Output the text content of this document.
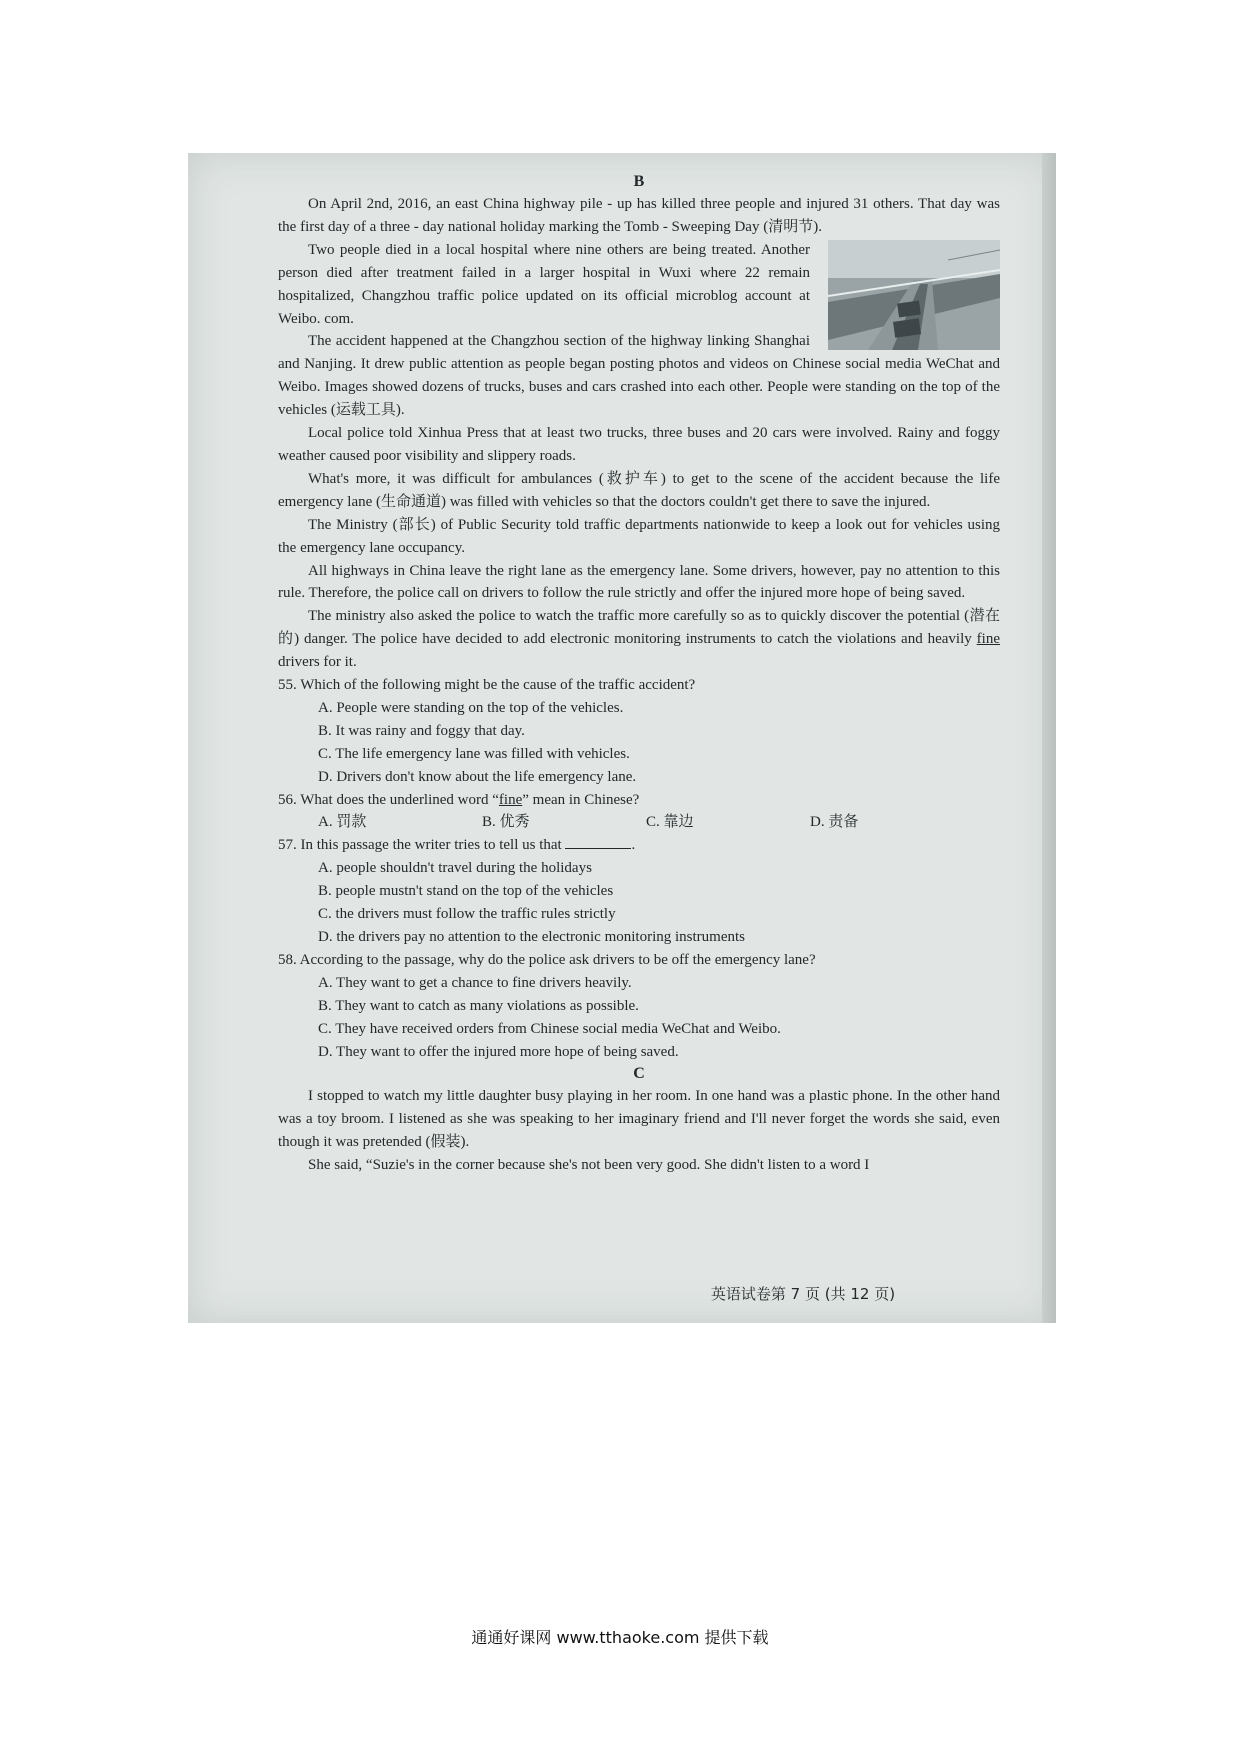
B

On April 2nd, 2016, an east China highway pile - up has killed three people and injured 31 others. That day was the first day of a three - day national holiday marking the Tomb - Sweeping Day (清明节).

Two people died in a local hospital where nine others are being treated. Another person died after treatment failed in a larger hospital in Wuxi where 22 remain hospitalized, Changzhou traffic police updated on its official microblog account at Weibo. com.

The accident happened at the Changzhou section of the highway linking Shanghai and Nanjing. It drew public attention as people began posting photos and videos on Chinese social media WeChat and Weibo. Images showed dozens of trucks, buses and cars crashed into each other. People were standing on the top of the vehicles (运载工具).

Local police told Xinhua Press that at least two trucks, three buses and 20 cars were involved. Rainy and foggy weather caused poor visibility and slippery roads.

What's more, it was difficult for ambulances (救护车) to get to the scene of the accident because the life emergency lane (生命通道) was filled with vehicles so that the doctors couldn't get there to save the injured.

The Ministry (部长) of Public Security told traffic departments nationwide to keep a look out for vehicles using the emergency lane occupancy.

All highways in China leave the right lane as the emergency lane. Some drivers, however, pay no attention to this rule. Therefore, the police call on drivers to follow the rule strictly and offer the injured more hope of being saved.

The ministry also asked the police to watch the traffic more carefully so as to quickly discover the potential (潜在的) danger. The police have decided to add electronic monitoring instruments to catch the violations and heavily fine drivers for it.

55. Which of the following might be the cause of the traffic accident?
A. People were standing on the top of the vehicles.
B. It was rainy and foggy that day.
C. The life emergency lane was filled with vehicles.
D. Drivers don't know about the life emergency lane.
56. What does the underlined word “fine” mean in Chinese?
A. 罚款	B. 优秀	C. 靠边	D. 责备
57. In this passage the writer tries to tell us that	.
A. people shouldn't travel during the holidays
B. people mustn't stand on the top of the vehicles
C. the drivers must follow the traffic rules strictly
D. the drivers pay no attention to the electronic monitoring instruments
58. According to the passage, why do the police ask drivers to be off the emergency lane?
A. They want to get a chance to fine drivers heavily.
B. They want to catch as many violations as possible.
C. They have received orders from Chinese social media WeChat and Weibo.
D. They want to offer the injured more hope of being saved.
C

I stopped to watch my little daughter busy playing in her room. In one hand was a plastic phone. In the other hand was a toy broom. I listened as she was speaking to her imaginary friend and I'll never forget the words she said, even though it was pretended (假装).

She said, “Suzie's in the corner because she's not been very good. She didn't listen to a word I

英语试卷第 7 页 (共 12 页)
通通好课网 www.tthaoke.com 提供下载
